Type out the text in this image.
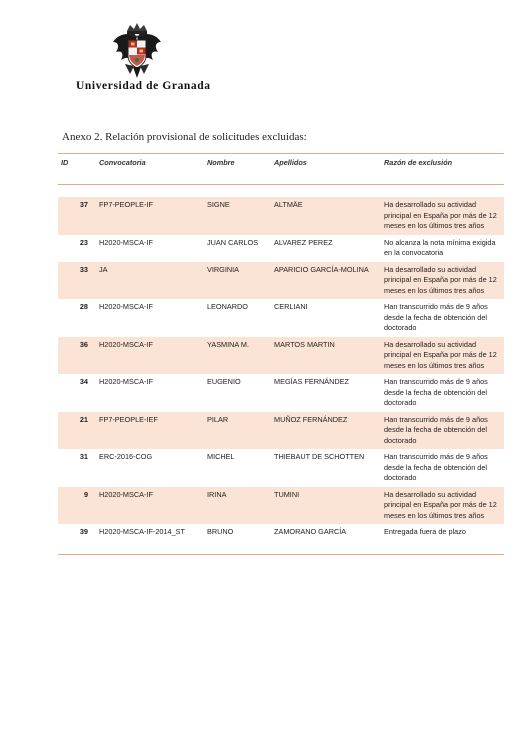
Universidad de Granada
Anexo 2. Relación provisional de solicitudes excluidas:
ID	Convocatoria	Nombre	Apellidos	Razón de exclusión

37	FP7-PEOPLE-IF	SIGNE	ALTMÄE	Ha desarrollado su actividad principal en España por más de 12 meses en los últimos tres años
23	H2020-MSCA-IF	JUAN CARLOS	ALVAREZ PEREZ	No alcanza la nota mínima exigida en la convocatoria
33	JA	VIRGINIA	APARICIO GARCÍA-MOLINA	Ha desarrollado su actividad principal en España por más de 12 meses en los últimos tres años
28	H2020-MSCA-IF	LEONARDO	CERLIANI	Han transcurrido más de 9 años desde la fecha de obtención del doctorado
36	H2020-MSCA-IF	YASMINA M.	MARTOS MARTIN	Ha desarrollado su actividad principal en España por más de 12 meses en los últimos tres años
34	H2020-MSCA-IF	EUGENIO	MEGÍAS FERNÁNDEZ	Han transcurrido más de 9 años desde la fecha de obtención del doctorado
21	FP7-PEOPLE-IEF	PILAR	MUÑOZ FERNÁNDEZ	Han transcurrido más de 9 años desde la fecha de obtención del doctorado
31	ERC-2016-COG	MICHEL	THIEBAUT DE SCHOTTEN	Han transcurrido más de 9 años desde la fecha de obtención del doctorado
9	H2020-MSCA-IF	IRINA	TUMINI	Ha desarrollado su actividad principal en España por más de 12 meses en los últimos tres años
39	H2020-MSCA-IF-2014_ST	BRUNO	ZAMORANO GARCÍA	Entregada fuera de plazo
